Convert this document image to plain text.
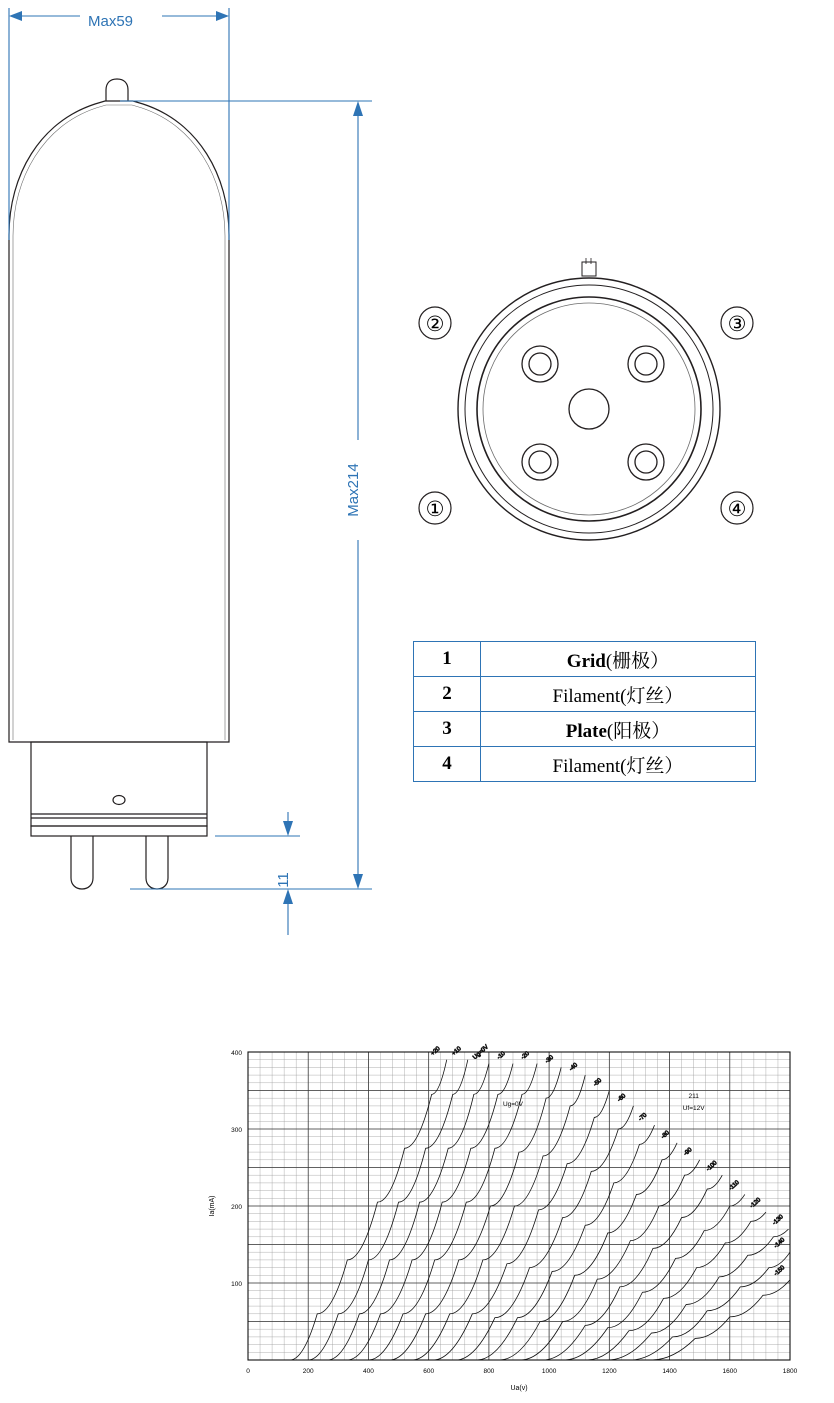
Max59
Max214
11
②	③
①	④
1	Grid(栅极）
2	Filament(灯丝）
3	Plate(阳极）
4	Filament(灯丝）
+20 +10 Ug=0V -10 -20 -30
-40
-50
-60
-70
-80
-90
-100
-110
-120
-130
-140
-150
0	200	400	600	800	1000	1200	1400	1600	1800
100
200
300
400
Ua(v)
Ia(mA)
211
Uf=12V
Ug=0V
